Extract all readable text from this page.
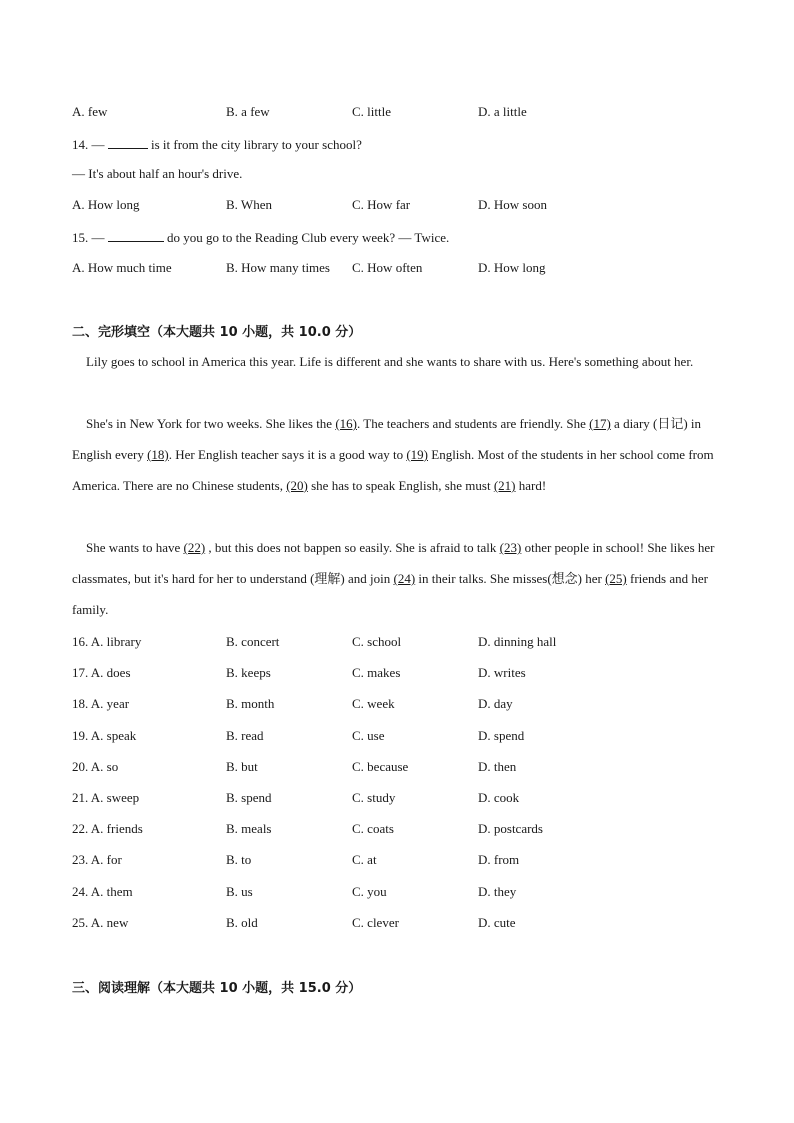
A. few	B. a few	C. little	D. a little
14. —	is it from the city library to your school?
— It's about half an hour's drive.
A. How long	B. When	C. How far	D. How soon
15. —	do you go to the Reading Club every week? — Twice.
A. How much time	B. How many times C. How often	D. How long
二、完形填空（本大题共 10 小题，共 10.0 分）
Lily goes to school in America this year. Life is different and she wants to share with us. Here's something about her.
She's in New York for two weeks. She likes the (16). The teachers and students are friendly. She (17) a diary (日记) in English every (18). Her English teacher says it is a good way to (19) English. Most of the students in her school come from America. There are no Chinese students, (20) she has to speak English, she must (21) hard!
She wants to have (22) , but this does not bappen so easily. She is afraid to talk (23) other people in school! She likes her classmates, but it's hard for her to understand (理解) and join (24) in their talks. She misses(想念) her (25) friends and her family.
16. A. library	B. concert	C. school	D. dinning hall
17. A. does	B. keeps	C. makes	D. writes
18. A. year	B. month	C. week	D. day
19. A. speak	B. read	C. use	D. spend
20. A. so	B. but	C. because	D. then
21. A. sweep	B. spend	C. study	D. cook
22. A. friends	B. meals	C. coats	D. postcards
23. A. for	B. to	C. at	D. from
24. A. them	B. us	C. you	D. they
25. A. new	B. old	C. clever	D. cute
三、阅读理解（本大题共 10 小题，共 15.0 分）
